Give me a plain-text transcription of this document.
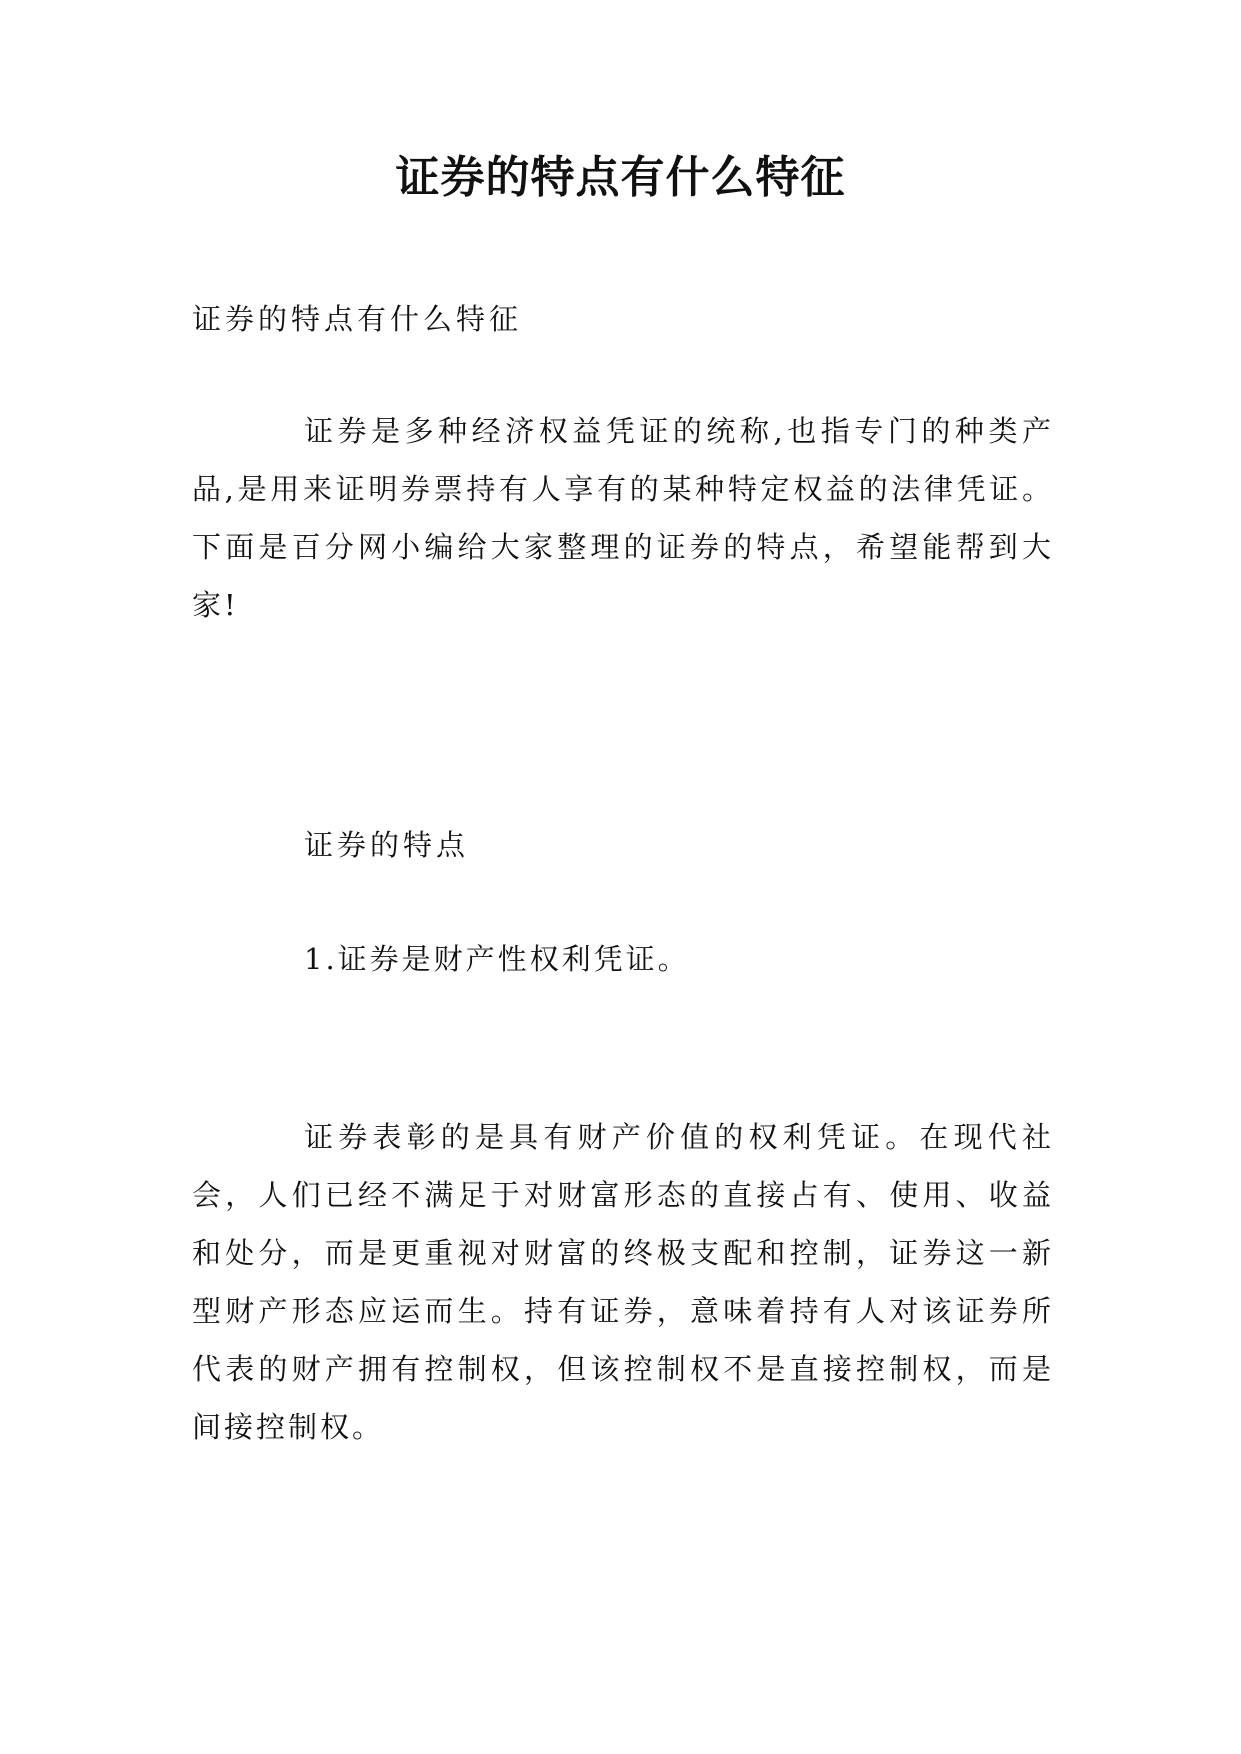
证券的特点有什么特征

证券的特点有什么特征

证券是多种经济权益凭证的统称,也指专门的种类产品,是用来证明券票持有人享有的某种特定权益的法律凭证。下面是百分网小编给大家整理的证券的特点，希望能帮到大家!

证券的特点

1.证券是财产性权利凭证。

证券表彰的是具有财产价值的权利凭证。在现代社会，人们已经不满足于对财富形态的直接占有、使用、收益和处分，而是更重视对财富的终极支配和控制，证券这一新型财产形态应运而生。持有证券，意味着持有人对该证券所代表的财产拥有控制权，但该控制权不是直接控制权，而是间接控制权。
